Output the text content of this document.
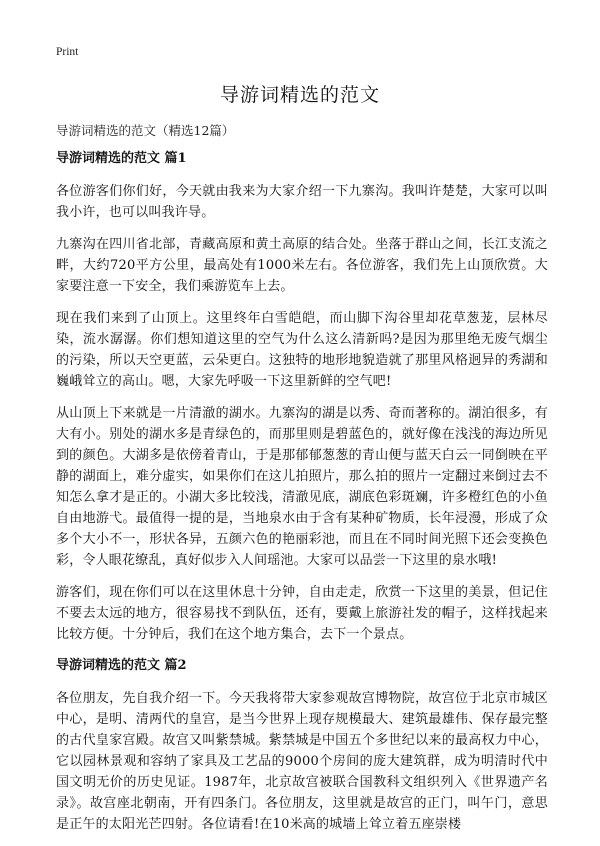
Print
导游词精选的范文
导游词精选的范文（精选12篇）
导游词精选的范文 篇1

各位游客们你们好，今天就由我来为大家介绍一下九寨沟。我叫许楚楚，大家可以叫我小许，也可以叫我许导。

九寨沟在四川省北部，青藏高原和黄土高原的结合处。坐落于群山之间，长江支流之畔，大约720平方公里，最高处有1000米左右。各位游客，我们先上山顶欣赏。大家要注意一下安全，我们乘游览车上去。

现在我们来到了山顶上。这里终年白雪皑皑，而山脚下沟谷里却花草葱茏，层林尽染，流水潺潺。你们想知道这里的空气为什么这么清新吗?是因为那里绝无废气烟尘的污染，所以天空更蓝，云朵更白。这独特的地形地貌造就了那里风格迥异的秀湖和巍峨耸立的高山。嗯，大家先呼吸一下这里新鲜的空气吧!

从山顶上下来就是一片清澈的湖水。九寨沟的湖是以秀、奇而著称的。湖泊很多，有大有小。别处的湖水多是青绿色的，而那里则是碧蓝色的，就好像在浅浅的海边所见到的颜色。大湖多是依傍着青山，于是那郁郁葱葱的青山便与蓝天白云一同倒映在平静的湖面上，难分虚实，如果你们在这儿拍照片，那么拍的照片一定翻过来倒过去不知怎么拿才是正的。小湖大多比较浅，清澈见底，湖底色彩斑斓，许多橙红色的小鱼自由地游弋。最值得一提的是，当地泉水由于含有某种矿物质，长年浸漫，形成了众多个大小不一，形状各异，五颜六色的艳丽彩池，而且在不同时间光照下还会变换色彩，令人眼花缭乱，真好似步入人间瑶池。大家可以品尝一下这里的泉水哦!

游客们，现在你们可以在这里休息十分钟，自由走走，欣赏一下这里的美景，但记住不要去太远的地方，很容易找不到队伍，还有，要戴上旅游社发的帽子，这样找起来比较方便。十分钟后，我们在这个地方集合，去下一个景点。

导游词精选的范文 篇2

各位朋友，先自我介绍一下。今天我将带大家参观故宫博物院，故宫位于北京市城区中心，是明、清两代的皇宫，是当今世界上现存规模最大、建筑最雄伟、保存最完整的古代皇家宫殿。故宫又叫紫禁城。紫禁城是中国五个多世纪以来的最高权力中心，它以园林景观和容纳了家具及工艺品的9000个房间的庞大建筑群，成为明清时代中国文明无价的历史见证。1987年，北京故宫被联合国教科文组织列入《世界遗产名录》。故宫座北朝南，开有四条门。各位朋友，这里就是故宫的正门，叫午门，意思是正午的太阳光芒四射。各位请看!在10米高的城墙上耸立着五座崇楼
